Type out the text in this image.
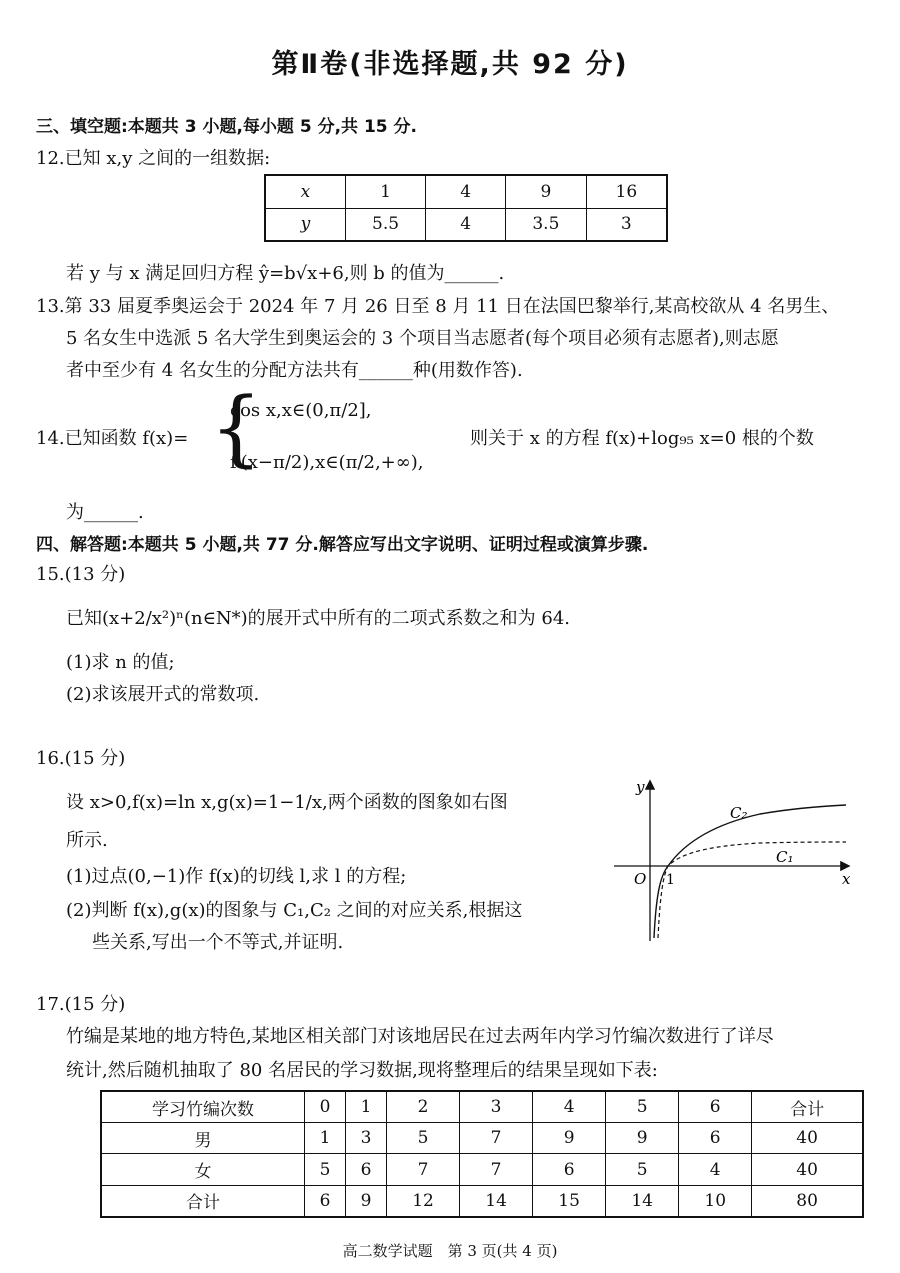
第Ⅱ卷(非选择题,共 92 分)
三、填空题:本题共 3 小题,每小题 5 分,共 15 分.
12.已知 x,y 之间的一组数据:
x	1	4	9	16
y	5.5	4	3.5	3
若 y 与 x 满足回归方程 ŷ=b√x+6,则 b 的值为______.
13.第 33 届夏季奥运会于 2024 年 7 月 26 日至 8 月 11 日在法国巴黎举行,某高校欲从 4 名男生、
5 名女生中选派 5 名大学生到奥运会的 3 个项目当志愿者(每个项目必须有志愿者),则志愿
者中至少有 4 名女生的分配方法共有______种(用数作答).
14.已知函数 f(x)= {
cos x,x∈(0,π/2],
f′(x−π/2),x∈(π/2,+∞),
则关于 x 的方程 f(x)+log₉₅ x=0 根的个数
为______.
四、解答题:本题共 5 小题,共 77 分.解答应写出文字说明、证明过程或演算步骤.
15.(13 分)
已知(x+2/x²)ⁿ(n∈N*)的展开式中所有的二项式系数之和为 64.
(1)求 n 的值;
(2)求该展开式的常数项.
16.(15 分)
设 x>0,f(x)=ln x,g(x)=1−1/x,两个函数的图象如右图
所示.
(1)过点(0,−1)作 f(x)的切线 l,求 l 的方程;
(2)判断 f(x),g(x)的图象与 C₁,C₂ 之间的对应关系,根据这
些关系,写出一个不等式,并证明.
y
x
O 1
C₂
C₁
17.(15 分)
竹编是某地的地方特色,某地区相关部门对该地居民在过去两年内学习竹编次数进行了详尽
统计,然后随机抽取了 80 名居民的学习数据,现将整理后的结果呈现如下表:
学习竹编次数	0	1	2	3	4	5	6	合计
男	1	3	5	7	9	9	6	40
女	5	6	7	7	6	5	4	40
合计	6	9	12	14	15	14	10	80
高二数学试题　第 3 页(共 4 页)
